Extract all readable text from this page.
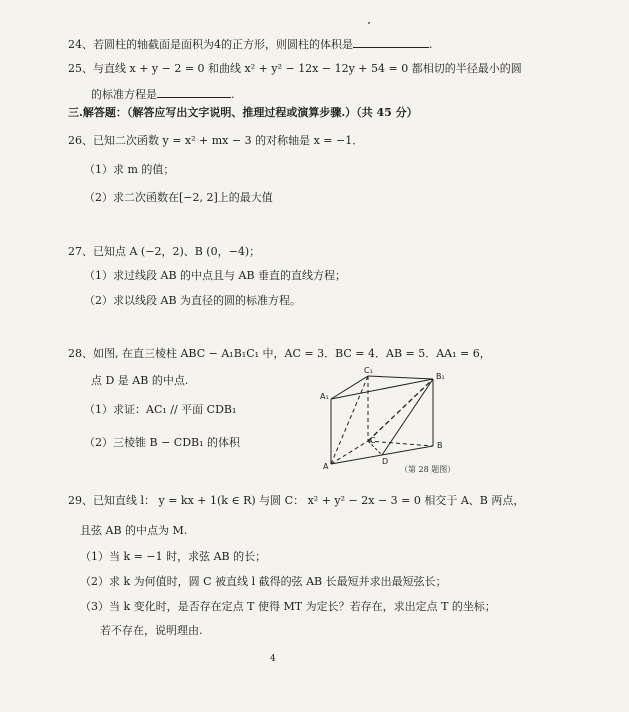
24、若圆柱的轴截面是面积为4的正方形，则圆柱的体积是	.
25、与直线 x + y − 2 = 0 和曲线 x² + y² − 12x − 12y + 54 = 0 都相切的半径最小的圆
的标准方程是	.
三.解答题：（解答应写出文字说明、推理过程或演算步骤.）（共 45 分）
26、已知二次函数 y = x² + mx − 3 的对称轴是 x = −1．
（1）求 m 的值；
（2）求二次函数在[−2, 2]上的最大值
27、已知点 A (−2，2)、B (0，−4)；
（1）求过线段 AB 的中点且与 AB 垂直的直线方程；
（2）求以线段 AB 为直径的圆的标准方程。
28、如图, 在直三棱柱 ABC − A₁B₁C₁ 中，AC = 3．BC = 4．AB = 5．AA₁ = 6，
点 D 是 AB 的中点.
（1）求证：AC₁ // 平面 CDB₁
（2）三棱锥 B − CDB₁ 的体积
C₁
B₁
A₁
C
B
A
D
（第 28 题图）
29、已知直线 l： y = kx + 1(k ∈ R) 与圆 C： x² + y² − 2x − 3 = 0 相交于 A、B 两点，
且弦 AB 的中点为 M.
（1）当 k = −1 时，求弦 AB 的长；
（2）求 k 为何值时，圆 C 被直线 l 截得的弦 AB 长最短并求出最短弦长；
（3）当 k 变化时，是否存在定点 T 使得 MT 为定长？若存在，求出定点 T 的坐标；
若不存在，说明理由.
4
